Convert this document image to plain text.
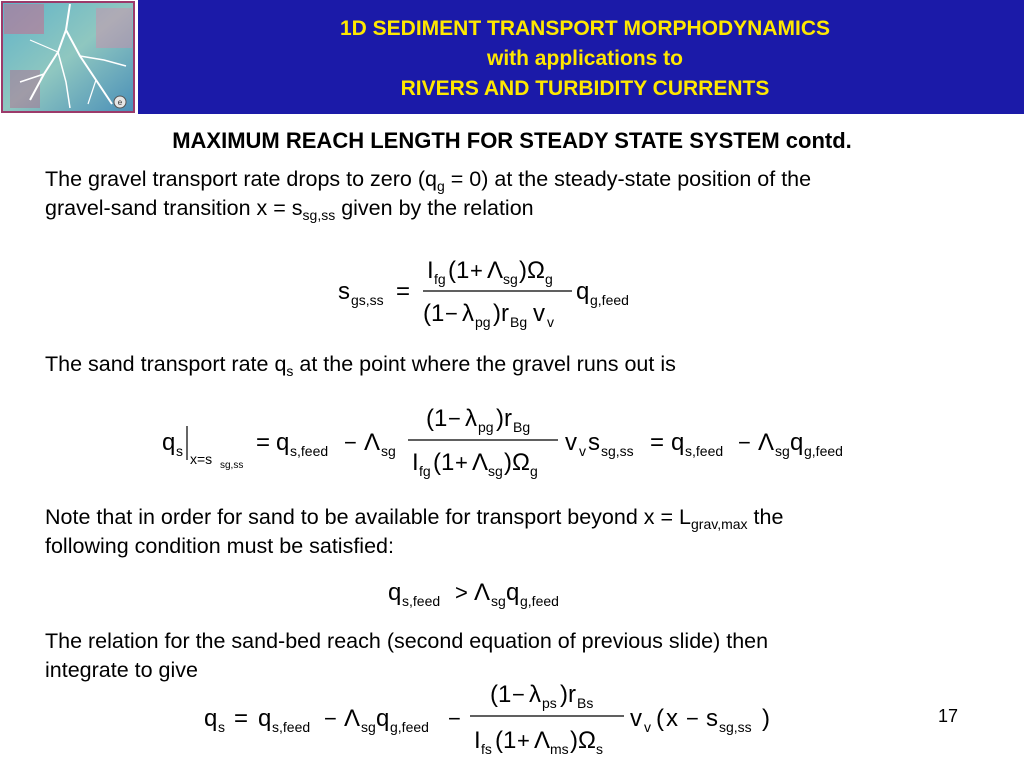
e
1D SEDIMENT TRANSPORT MORPHODYNAMICS
with applications to
RIVERS AND TURBIDITY CURRENTS
MAXIMUM REACH LENGTH FOR STEADY STATE SYSTEM contd.
The gravel transport rate drops to zero $(q_g = 0)$ at the steady-state position of the
gravel-sand transition $x = s_{sg,ss}$ given by the relation
s gs,ss =
I fg ( 1 + Λ sg ) Ω g
( 1 − λ pg ) r Bg v v
q g,feed
The sand transport rate $q_s$ at the point where the gravel runs out is
q s x=s sg,ss
= q s,feed − Λ sg
( 1 − λ pg ) r Bg
I fg ( 1 + Λ sg ) Ω g
v v s sg,ss = q s,feed − Λ sg q g,feed
Note that in order for sand to be available for transport beyond $x = L_{grav,max}$ the
following condition must be satisfied:
q s,feed > Λ sg q g,feed
The relation for the sand-bed reach (second equation of previous slide) then
integrate to give
q s = q s,feed − Λ sg q g,feed −
( 1 − λ ps ) r Bs
I fs ( 1 + Λ ms ) Ω s
v v ( x − s sg,ss )	17
